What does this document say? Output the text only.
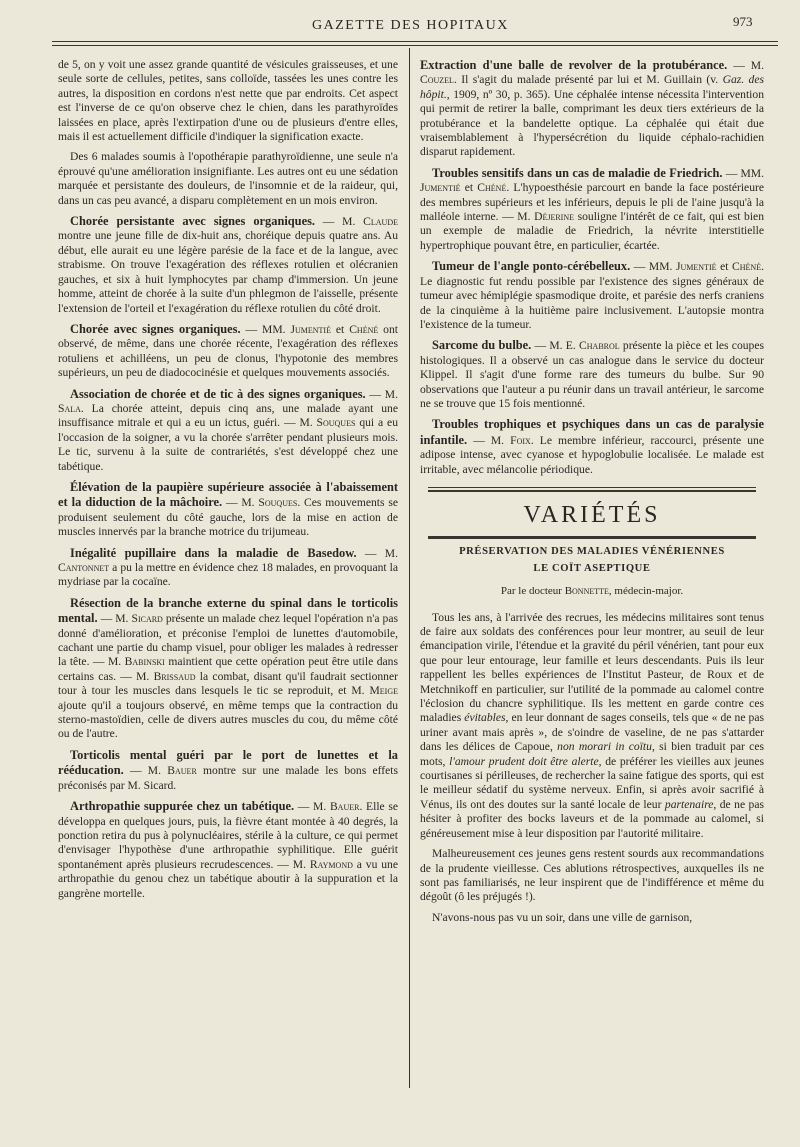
GAZETTE DES HOPITAUX	973

de 5, on y voit une assez grande quantité de vésicules graisseuses, et une seule sorte de cellules, petites, sans colloïde, tassées les unes contre les autres, la disposition en cordons n'est nette que par endroits. Cet aspect est l'inverse de ce qu'on observe chez le chien, dans les parathyroïdes laissées en place, après l'extirpation d'une ou de plusieurs d'entre elles, mais il est actuellement difficile d'indiquer la signification exacte.

Des 6 malades soumis à l'opothérapie parathyroïdienne, une seule n'a éprouvé qu'une amélioration insignifiante. Les autres ont eu une sédation marquée et persistante des douleurs, de l'insomnie et de la raideur, qui, dans un cas peu avancé, a disparu complètement en un mois environ.

Chorée persistante avec signes organiques. — M. Claude montre une jeune fille de dix-huit ans, choréique depuis quatre ans. Au début, elle aurait eu une légère parésie de la face et de la langue, avec strabisme. On trouve l'exagération des réflexes rotulien et olécranien gauches, et six à huit lymphocytes par champ d'immersion. Un jeune homme, atteint de chorée à la suite d'un phlegmon de l'aisselle, présente l'extension de l'orteil et l'exagération du réflexe rotulien du côté droit.

Chorée avec signes organiques. — MM. Jumentié et Chéné ont observé, de même, dans une chorée récente, l'exagération des réflexes rotuliens et achilléens, un peu de clonus, l'hypotonie des membres supérieurs, un peu de diadococinésie et quelques mouvements associés.

Association de chorée et de tic à des signes organiques. — M. Sala. La chorée atteint, depuis cinq ans, une malade ayant une insuffisance mitrale et qui a eu un ictus, guéri. — M. Souques qui a eu l'occasion de la soigner, a vu la chorée s'arrêter pendant plusieurs mois. Le tic, survenu à la suite de contrariétés, s'est développé chez une tabétique.

Élévation de la paupière supérieure associée à l'abaissement et la diduction de la mâchoire. — M. Souques. Ces mouvements se produisent seulement du côté gauche, lors de la mise en action de muscles innervés par la branche motrice du trijumeau.

Inégalité pupillaire dans la maladie de Basedow. — M. Cantonnet a pu la mettre en évidence chez 18 malades, en provoquant la mydriase par la cocaïne.

Résection de la branche externe du spinal dans le torticolis mental. — M. Sicard présente un malade chez lequel l'opération n'a pas donné d'amélioration, et préconise l'emploi de lunettes d'automobile, cachant une partie du champ visuel, pour obliger les malades à redresser la tête. — M. Babinski maintient que cette opération peut être utile dans certains cas. — M. Brissaud la combat, disant qu'il faudrait sectionner tour à tour les muscles dans lesquels le tic se reproduit, et M. Meige ajoute qu'il a toujours observé, en même temps que la contraction du sterno-mastoïdien, celle de divers autres muscles du cou, du même côté ou de l'autre.

Torticolis mental guéri par le port de lunettes et la rééducation. — M. Bauer montre sur une malade les bons effets préconisés par M. Sicard.

Arthropathie suppurée chez un tabétique. — M. Bauer. Elle se développa en quelques jours, puis, la fièvre étant montée à 40 degrés, la ponction retira du pus à polynucléaires, stérile à la culture, ce qui permet d'envisager l'hypothèse d'une arthropathie syphilitique. Elle guérit spontanément après plusieurs recrudescences. — M. Raymond a vu une arthropathie du genou chez un tabétique aboutir à la suppuration et la gangrène mortelle.

Extraction d'une balle de revolver de la protubérance. — M. Couzel. Il s'agit du malade présenté par lui et M. Guillain (v. Gaz. des hôpit., 1909, nº 30, p. 365). Une céphalée intense nécessita l'intervention qui permit de retirer la balle, comprimant les deux tiers extérieurs de la protubérance et la bandelette optique. La céphalée qui était due vraisemblablement à l'hypersécrétion du liquide céphalo-rachidien disparut rapidement.

Troubles sensitifs dans un cas de maladie de Friedrich. — MM. Jumentié et Chéné. L'hypoesthésie parcourt en bande la face postérieure des membres supérieurs et les inférieurs, depuis le pli de l'aine jusqu'à la malléole interne. — M. Déjerine souligne l'intérêt de ce fait, qui est bien un exemple de maladie de Friedrich, la névrite interstitielle hypertrophique pouvant être, en particulier, écartée.

Tumeur de l'angle ponto-cérébelleux. — MM. Jumentié et Chéné. Le diagnostic fut rendu possible par l'existence des signes généraux de tumeur avec hémiplégie spasmodique droite, et parésie des nerfs craniens de la cinquième à la huitième paire inclusivement. L'autopsie montra l'existence de la tumeur.

Sarcome du bulbe. — M. E. Chabrol présente la pièce et les coupes histologiques. Il a observé un cas analogue dans le service du docteur Klippel. Il s'agit d'une forme rare des tumeurs du bulbe. Sur 90 observations que l'auteur a pu réunir dans un travail antérieur, le sarcome ne se trouve que 15 fois mentionné.

Troubles trophiques et psychiques dans un cas de paralysie infantile. — M. Foix. Le membre inférieur, raccourci, présente une adipose intense, avec cyanose et hypoglobulie localisée. Le malade est irritable, avec mélancolie périodique.

VARIÉTÉS
PRÉSERVATION DES MALADIES VÉNÉRIENNES
LE COÏT ASEPTIQUE
Par le docteur Bonnette, médecin-major.

Tous les ans, à l'arrivée des recrues, les médecins militaires sont tenus de faire aux soldats des conférences pour leur montrer, au seuil de leur émancipation virile, l'étendue et la gravité du péril vénérien, tant pour eux que pour leur entourage, leur famille et leurs descendants. Puis ils leur rappellent les belles expériences de l'Institut Pasteur, de Roux et de Metchnikoff en particulier, sur l'utilité de la pommade au calomel contre l'éclosion du chancre syphilitique. Ils les mettent en garde contre ces maladies évitables, en leur donnant de sages conseils, tels que « de ne pas uriner avant mais après », de s'oindre de vaseline, de ne pas s'attarder dans les délices de Capoue, non morari in coïtu, si bien traduit par ces mots, l'amour prudent doit être alerte, de préférer les vieilles aux jeunes courtisanes si périlleuses, de rechercher la saine fatigue des sports, qui est le meilleur sédatif du système nerveux. Enfin, si après avoir sacrifié à Vénus, ils ont des doutes sur la santé locale de leur partenaire, de ne pas hésiter à profiter des bocks laveurs et de la pommade au calomel, si généreusement mise à leur disposition par l'autorité militaire.

Malheureusement ces jeunes gens restent sourds aux recommandations de la prudente vieillesse. Ces ablutions rétrospectives, auxquelles ils ne sont pas familiarisés, ne leur inspirent que de l'indifférence et même du dégoût (ô les préjugés !).

N'avons-nous pas vu un soir, dans une ville de garnison,
